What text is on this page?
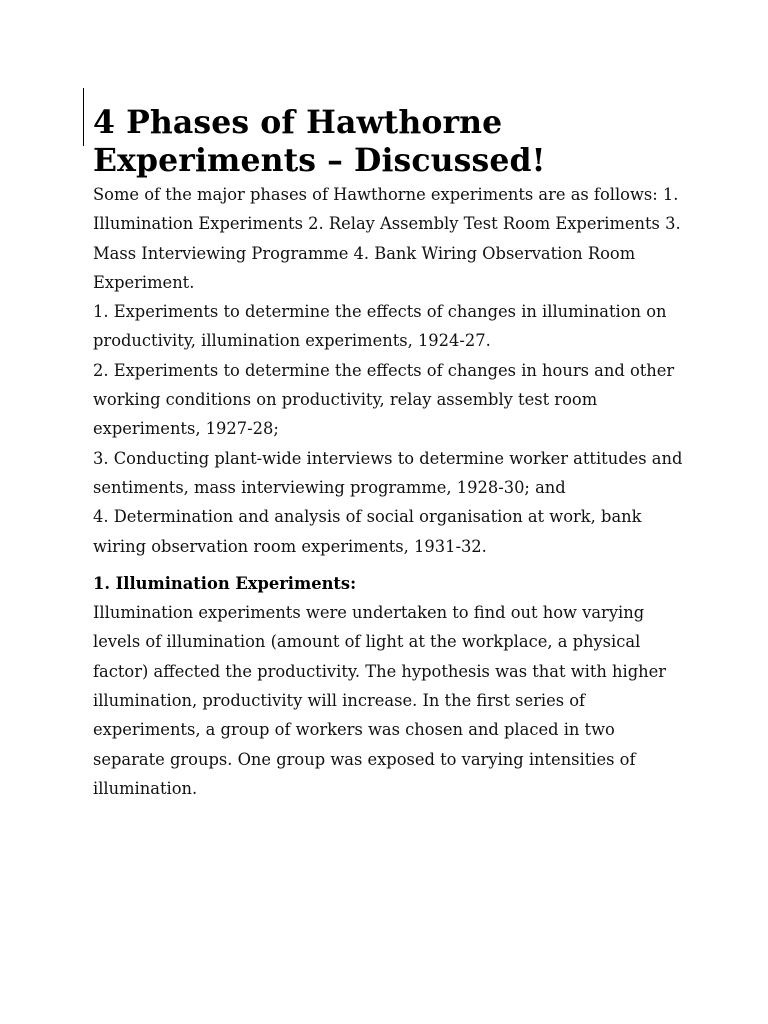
4 Phases of Hawthorne Experiments – Discussed!

Some of the major phases of Hawthorne experiments are as follows: 1. Illumination Experiments 2. Relay Assembly Test Room Experiments 3. Mass Interviewing Programme 4. Bank Wiring Observation Room Experiment.

1. Experiments to determine the effects of changes in illumination on productivity, illumination experiments, 1924-27.

2. Experiments to determine the effects of changes in hours and other working conditions on productivity, relay assembly test room experiments, 1927-28;

3. Conducting plant-wide interviews to determine worker attitudes and sentiments, mass interviewing programme, 1928-30; and

4. Determination and analysis of social organisation at work, bank wiring observation room experiments, 1931-32.

1. Illumination Experiments:

Illumination experiments were undertaken to find out how varying levels of illumination (amount of light at the workplace, a physical factor) affected the productivity. The hypothesis was that with higher illumination, productivity will increase. In the first series of experiments, a group of workers was chosen and placed in two separate groups. One group was exposed to varying intensities of illumination.
